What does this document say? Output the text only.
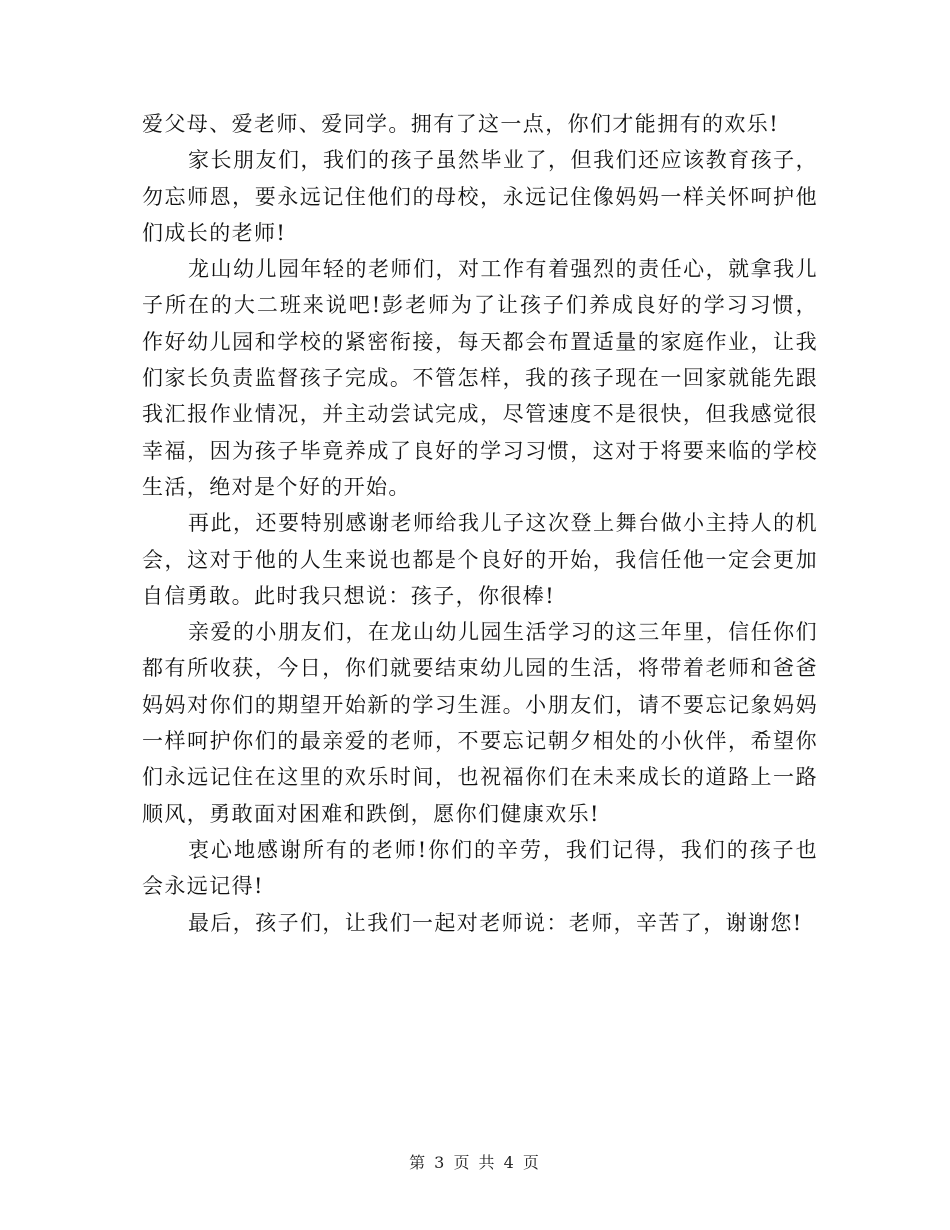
爱父母、爱老师、爱同学。拥有了这一点，你们才能拥有的欢乐!

家长朋友们，我们的孩子虽然毕业了，但我们还应该教育孩子，勿忘师恩，要永远记住他们的母校，永远记住像妈妈一样关怀呵护他们成长的老师!

龙山幼儿园年轻的老师们，对工作有着强烈的责任心，就拿我儿子所在的大二班来说吧!彭老师为了让孩子们养成良好的学习习惯，作好幼儿园和学校的紧密衔接，每天都会布置适量的家庭作业，让我们家长负责监督孩子完成。不管怎样，我的孩子现在一回家就能先跟我汇报作业情况，并主动尝试完成，尽管速度不是很快，但我感觉很幸福，因为孩子毕竟养成了良好的学习习惯，这对于将要来临的学校生活，绝对是个好的开始。

再此，还要特别感谢老师给我儿子这次登上舞台做小主持人的机会，这对于他的人生来说也都是个良好的开始，我信任他一定会更加自信勇敢。此时我只想说：孩子，你很棒!

亲爱的小朋友们，在龙山幼儿园生活学习的这三年里，信任你们都有所收获，今日，你们就要结束幼儿园的生活，将带着老师和爸爸妈妈对你们的期望开始新的学习生涯。小朋友们，请不要忘记象妈妈一样呵护你们的最亲爱的老师，不要忘记朝夕相处的小伙伴，希望你们永远记住在这里的欢乐时间，也祝福你们在未来成长的道路上一路顺风，勇敢面对困难和跌倒，愿你们健康欢乐!

衷心地感谢所有的老师!你们的辛劳，我们记得，我们的孩子也会永远记得!

最后，孩子们，让我们一起对老师说：老师，辛苦了，谢谢您!

第 3 页 共 4 页
